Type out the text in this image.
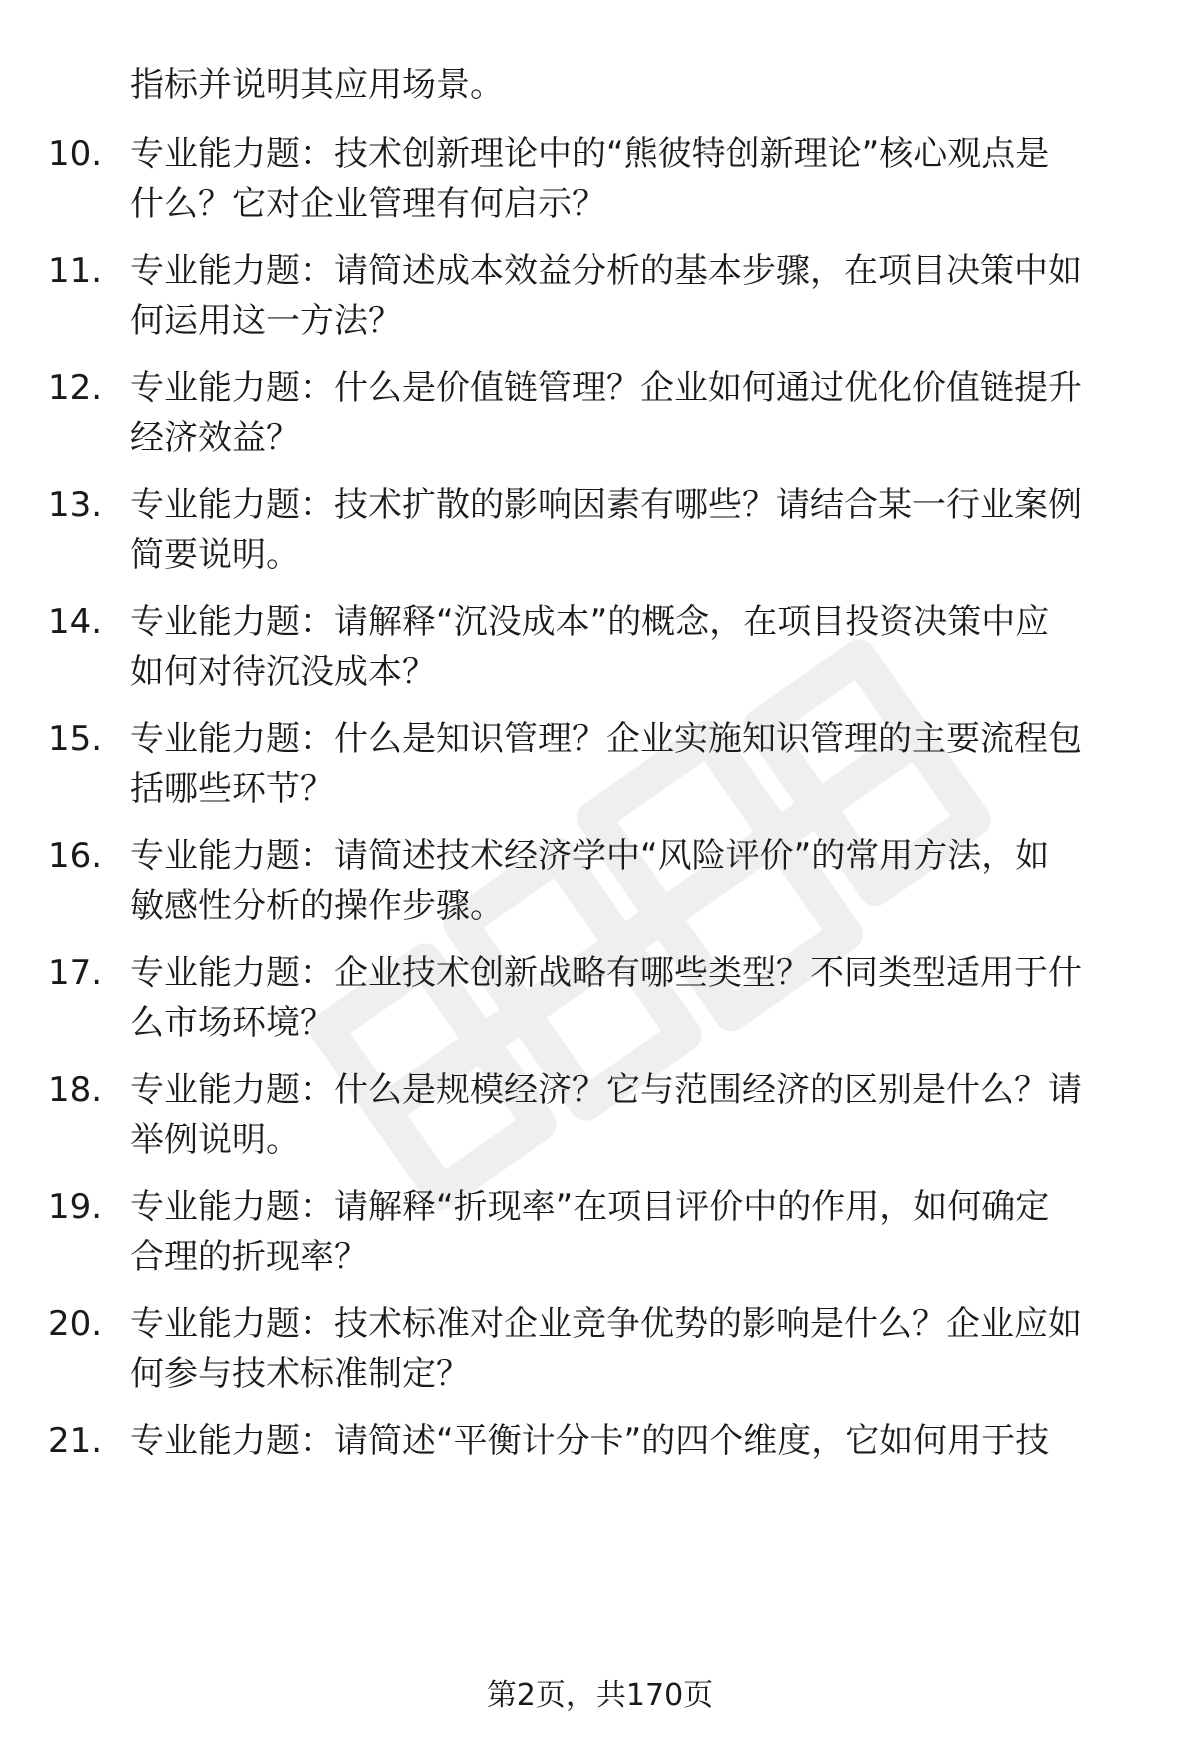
指标并说明其应用场景。
10. 专业能力题：技术创新理论中的“熊彼特创新理论”核心观点是
什么？它对企业管理有何启示？
11. 专业能力题：请简述成本效益分析的基本步骤，在项目决策中如
何运用这一方法？
12. 专业能力题：什么是价值链管理？企业如何通过优化价值链提升
经济效益？
13. 专业能力题：技术扩散的影响因素有哪些？请结合某一行业案例
简要说明。
14. 专业能力题：请解释“沉没成本”的概念，在项目投资决策中应
如何对待沉没成本？
15. 专业能力题：什么是知识管理？企业实施知识管理的主要流程包
括哪些环节？
16. 专业能力题：请简述技术经济学中“风险评价”的常用方法，如
敏感性分析的操作步骤。
17. 专业能力题：企业技术创新战略有哪些类型？不同类型适用于什
么市场环境？
18. 专业能力题：什么是规模经济？它与范围经济的区别是什么？请
举例说明。
19. 专业能力题：请解释“折现率”在项目评价中的作用，如何确定
合理的折现率？
20. 专业能力题：技术标准对企业竞争优势的影响是什么？企业应如
何参与技术标准制定？
21. 专业能力题：请简述“平衡计分卡”的四个维度，它如何用于技
第2页，共170页
